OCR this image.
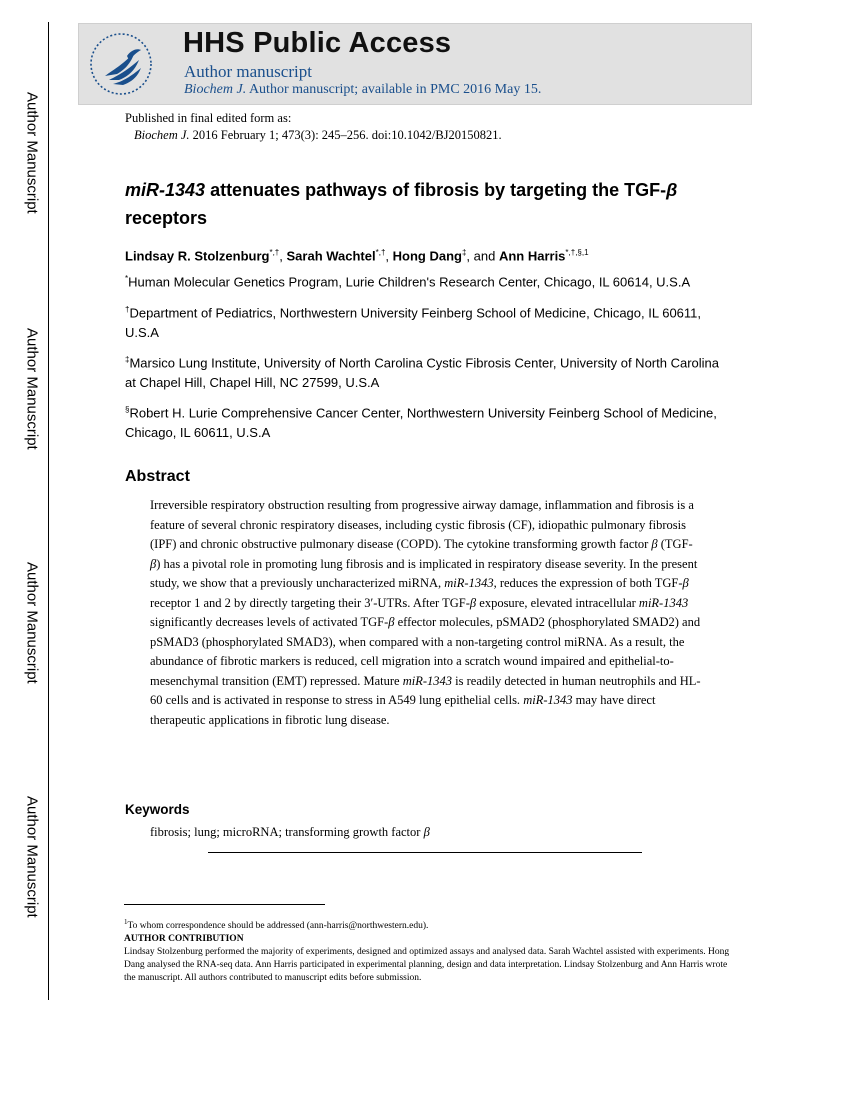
Author Manuscript
Author Manuscript
Author Manuscript
Author Manuscript
HHS Public Access
Author manuscript
Biochem J. Author manuscript; available in PMC 2016 May 15.
Published in final edited form as:
Biochem J. 2016 February 1; 473(3): 245–256. doi:10.1042/BJ20150821.
miR-1343 attenuates pathways of fibrosis by targeting the TGF-β
receptors
Lindsay R. Stolzenburg*,†, Sarah Wachtel*,†, Hong Dang‡, and Ann Harris$^{*,\dagger,\S,1}$
*Human Molecular Genetics Program, Lurie Children's Research Center, Chicago, IL 60614, U.S.A
†Department of Pediatrics, Northwestern University Feinberg School of Medicine, Chicago, IL 60611, U.S.A
‡Marsico Lung Institute, University of North Carolina Cystic Fibrosis Center, University of North Carolina at Chapel Hill, Chapel Hill, NC 27599, U.S.A
§Robert H. Lurie Comprehensive Cancer Center, Northwestern University Feinberg School of Medicine, Chicago, IL 60611, U.S.A
Abstract
Irreversible respiratory obstruction resulting from progressive airway damage, inflammation and fibrosis is a feature of several chronic respiratory diseases, including cystic fibrosis (CF), idiopathic pulmonary fibrosis (IPF) and chronic obstructive pulmonary disease (COPD). The cytokine transforming growth factor β (TGF-β) has a pivotal role in promoting lung fibrosis and is implicated in respiratory disease severity. In the present study, we show that a previously uncharacterized miRNA, miR-1343, reduces the expression of both TGF-β receptor 1 and 2 by directly targeting their 3′-UTRs. After TGF-β exposure, elevated intracellular miR-1343 significantly decreases levels of activated TGF-β effector molecules, pSMAD2 (phosphorylated SMAD2) and pSMAD3 (phosphorylated SMAD3), when compared with a non-targeting control miRNA. As a result, the abundance of fibrotic markers is reduced, cell migration into a scratch wound impaired and epithelial-to-mesenchymal transition (EMT) repressed. Mature miR-1343 is readily detected in human neutrophils and HL-60 cells and is activated in response to stress in A549 lung epithelial cells. miR-1343 may have direct therapeutic applications in fibrotic lung disease.
Keywords
fibrosis; lung; microRNA; transforming growth factor β
$^1$To whom correspondence should be addressed (ann-harris@northwestern.edu).
AUTHOR CONTRIBUTION
Lindsay Stolzenburg performed the majority of experiments, designed and optimized assays and analysed data. Sarah Wachtel assisted with experiments. Hong Dang analysed the RNA-seq data. Ann Harris participated in experimental planning, design and data interpretation. Lindsay Stolzenburg and Ann Harris wrote the manuscript. All authors contributed to manuscript edits before submission.
